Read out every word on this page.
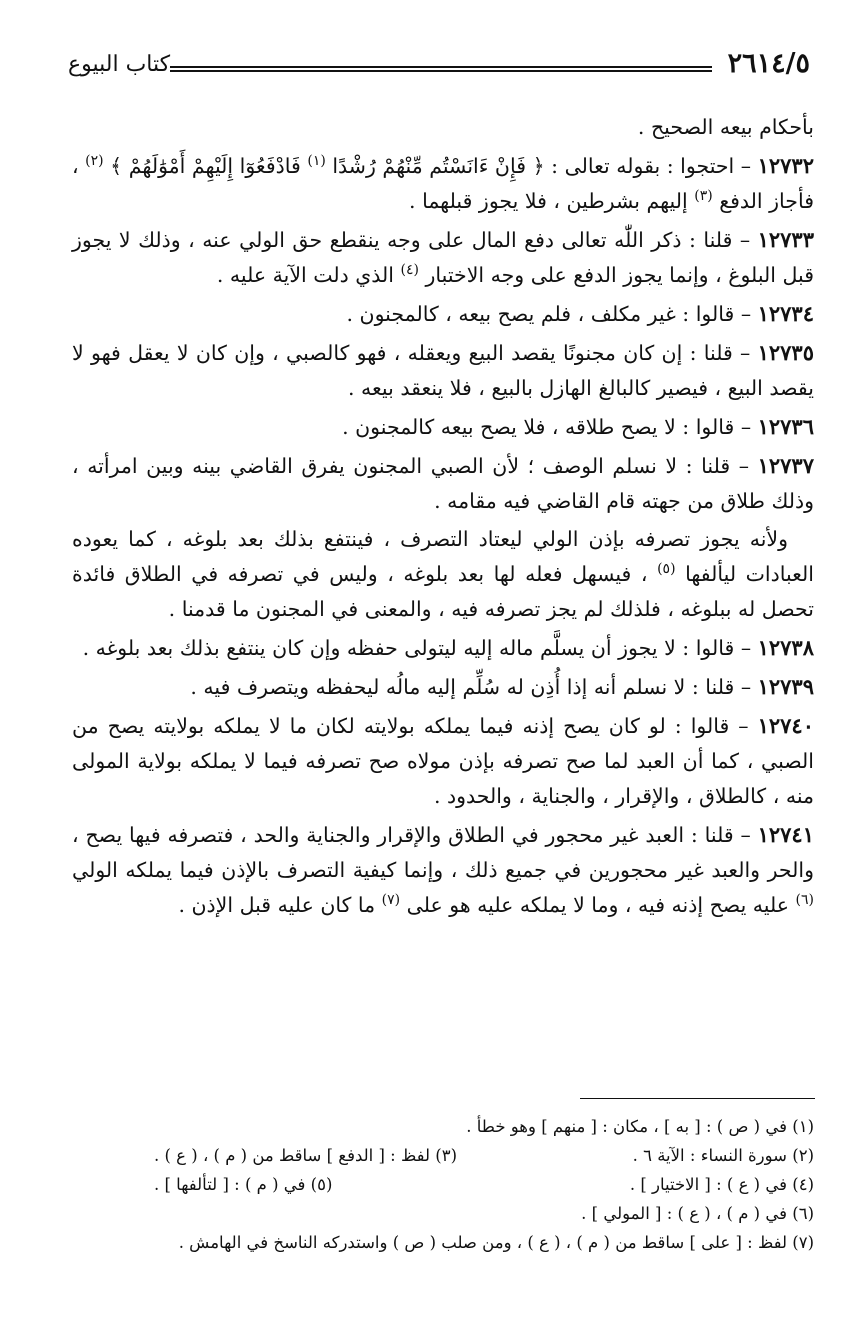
٢٦١٤/٥
كتاب البيوع

بأحكام بيعه الصحيح .

١٢٧٣٢ – احتجوا : بقوله تعالى : ﴿ فَإِنْ ءَانَسْتُم مِّنْهُمْ رُشْدًا $^{(١)}$ فَادْفَعُوٓا إِلَيْهِمْ أَمْوَٰلَهُمْ ﴾ $^{(٢)}$ ، فأجاز الدفع $^{(٣)}$ إليهم بشرطين ، فلا يجوز قبلهما .

١٢٧٣٣ – قلنا : ذكر اللّٰه تعالى دفع المال على وجه ينقطع حق الولي عنه ، وذلك لا يجوز قبل البلوغ ، وإنما يجوز الدفع على وجه الاختبار $^{(٤)}$ الذي دلت الآية عليه .

١٢٧٣٤ – قالوا : غير مكلف ، فلم يصح بيعه ، كالمجنون .

١٢٧٣٥ – قلنا : إن كان مجنونًا يقصد البيع ويعقله ، فهو كالصبي ، وإن كان لا يعقل فهو لا يقصد البيع ، فيصير كالبالغ الهازل بالبيع ، فلا ينعقد بيعه .

١٢٧٣٦ – قالوا : لا يصح طلاقه ، فلا يصح بيعه كالمجنون .

١٢٧٣٧ – قلنا : لا نسلم الوصف ؛ لأن الصبي المجنون يفرق القاضي بينه وبين امرأته ، وذلك طلاق من جهته قام القاضي فيه مقامه .

ولأنه يجوز تصرفه بإذن الولي ليعتاد التصرف ، فينتفع بذلك بعد بلوغه ، كما يعوده العبادات ليألفها $^{(٥)}$ ، فيسهل فعله لها بعد بلوغه ، وليس في تصرفه في الطلاق فائدة تحصل له ببلوغه ، فلذلك لم يجز تصرفه فيه ، والمعنى في المجنون ما قدمنا .

١٢٧٣٨ – قالوا : لا يجوز أن يسلَّم ماله إليه ليتولى حفظه وإن كان ينتفع بذلك بعد بلوغه .

١٢٧٣٩ – قلنا : لا نسلم أنه إذا أُذِن له سُلِّم إليه مالُه ليحفظه ويتصرف فيه .

١٢٧٤٠ – قالوا : لو كان يصح إذنه فيما يملكه بولايته لكان ما لا يملكه بولايته يصح من الصبي ، كما أن العبد لما صح تصرفه بإذن مولاه صح تصرفه فيما لا يملكه بولاية المولى منه ، كالطلاق ، والإقرار ، والجناية ، والحدود .

١٢٧٤١ – قلنا : العبد غير محجور في الطلاق والإقرار والجناية والحد ، فتصرفه فيها يصح ، والحر والعبد غير محجورين في جميع ذلك ، وإنما كيفية التصرف بالإذن فيما يملكه الولي $^{(٦)}$ عليه يصح إذنه فيه ، وما لا يملكه عليه هو على $^{(٧)}$ ما كان عليه قبل الإذن .

(١) في ( ص ) : [ به ] ، مكان : [ منهم ] وهو خطأ .
(٢) سورة النساء : الآية ٦ .
(٣) لفظ : [ الدفع ] ساقط من ( م ) ، ( ع ) .
(٤) في ( ع ) : [ الاختيار ] .
(٥) في ( م ) : [ لتألفها ] .
(٦) في ( م ) ، ( ع ) : [ المولي ] .
(٧) لفظ : [ على ] ساقط من ( م ) ، ( ع ) ، ومن صلب ( ص ) واستدركه الناسخ في الهامش .
